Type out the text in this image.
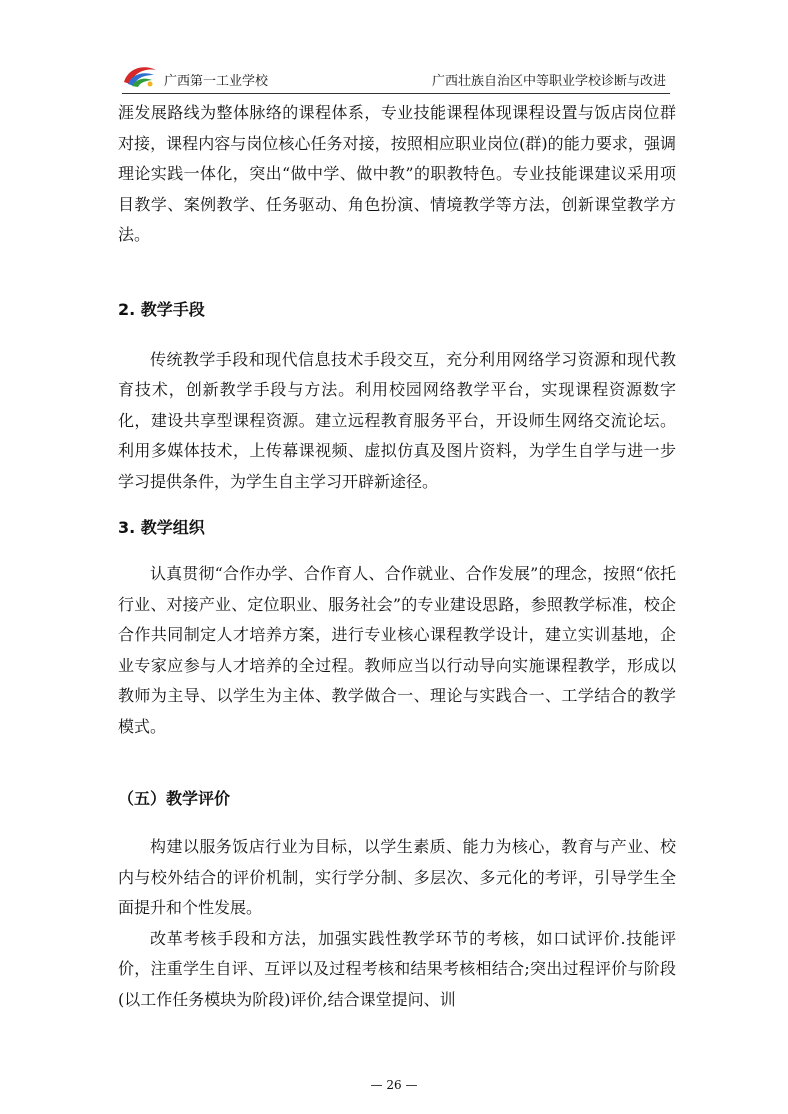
广西第一工业学校	广西壮族自治区中等职业学校诊断与改进

涯发展路线为整体脉络的课程体系，专业技能课程体现课程设置与饭店岗位群对接，课程内容与岗位核心任务对接，按照相应职业岗位(群)的能力要求，强调理论实践一体化，突出“做中学、做中教”的职教特色。专业技能课建议采用项目教学、案例教学、任务驱动、角色扮演、情境教学等方法，创新课堂教学方法。

2. 教学手段

传统教学手段和现代信息技术手段交互，充分利用网络学习资源和现代教育技术，创新教学手段与方法。利用校园网络教学平台，实现课程资源数字化，建设共享型课程资源。建立远程教育服务平台，开设师生网络交流论坛。利用多媒体技术，上传幕课视频、虚拟仿真及图片资料，为学生自学与进一步学习提供条件，为学生自主学习开辟新途径。

3. 教学组织

认真贯彻“合作办学、合作育人、合作就业、合作发展”的理念，按照“依托行业、对接产业、定位职业、服务社会”的专业建设思路，参照教学标准，校企合作共同制定人才培养方案，进行专业核心课程教学设计，建立实训基地，企业专家应参与人才培养的全过程。教师应当以行动导向实施课程教学，形成以教师为主导、以学生为主体、教学做合一、理论与实践合一、工学结合的教学模式。

（五）教学评价

构建以服务饭店行业为目标，以学生素质、能力为核心，教育与产业、校内与校外结合的评价机制，实行学分制、多层次、多元化的考评，引导学生全面提升和个性发展。

改革考核手段和方法，加强实践性教学环节的考核，如口试评价.技能评价，注重学生自评、互评以及过程考核和结果考核相结合;突出过程评价与阶段(以工作任务模块为阶段)评价,结合课堂提问、训

— 26 —
